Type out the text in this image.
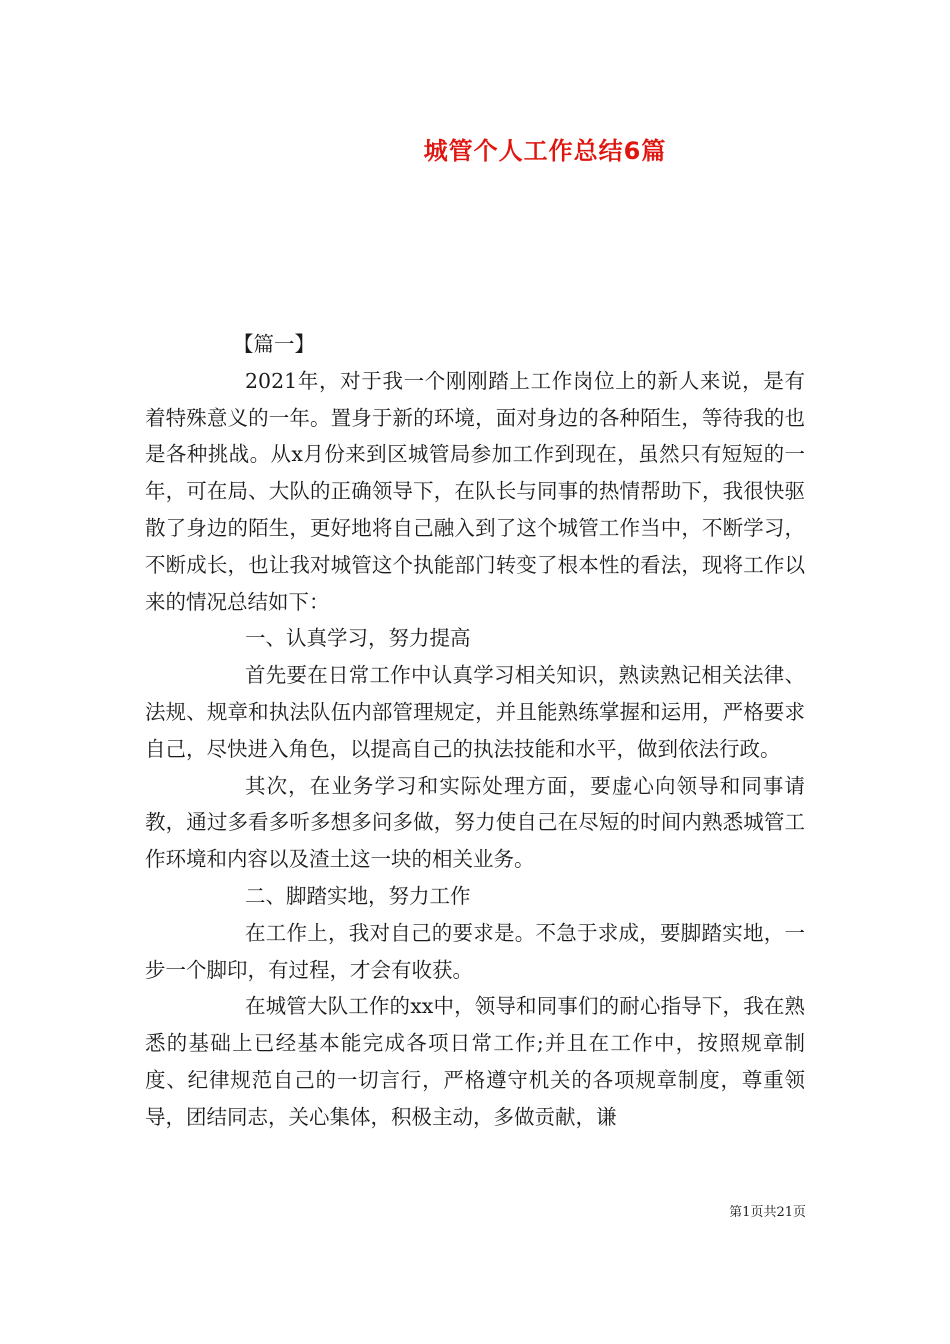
城管个人工作总结6篇

【篇一】

2021年，对于我一个刚刚踏上工作岗位上的新人来说，是有着特殊意义的一年。置身于新的环境，面对身边的各种陌生，等待我的也是各种挑战。从x月份来到区城管局参加工作到现在，虽然只有短短的一年，可在局、大队的正确领导下，在队长与同事的热情帮助下，我很快驱散了身边的陌生，更好地将自己融入到了这个城管工作当中，不断学习，不断成长，也让我对城管这个执能部门转变了根本性的看法，现将工作以来的情况总结如下：

一、认真学习，努力提高

首先要在日常工作中认真学习相关知识，熟读熟记相关法律、法规、规章和执法队伍内部管理规定，并且能熟练掌握和运用，严格要求自己，尽快进入角色，以提高自己的执法技能和水平，做到依法行政。

其次，在业务学习和实际处理方面，要虚心向领导和同事请教，通过多看多听多想多问多做，努力使自己在尽短的时间内熟悉城管工作环境和内容以及渣土这一块的相关业务。

二、脚踏实地，努力工作

在工作上，我对自己的要求是。不急于求成，要脚踏实地，一步一个脚印，有过程，才会有收获。

在城管大队工作的xx中，领导和同事们的耐心指导下，我在熟悉的基础上已经基本能完成各项日常工作;并且在工作中，按照规章制度、纪律规范自己的一切言行，严格遵守机关的各项规章制度，尊重领导，团结同志，关心集体，积极主动，多做贡献，谦

第1页共21页
